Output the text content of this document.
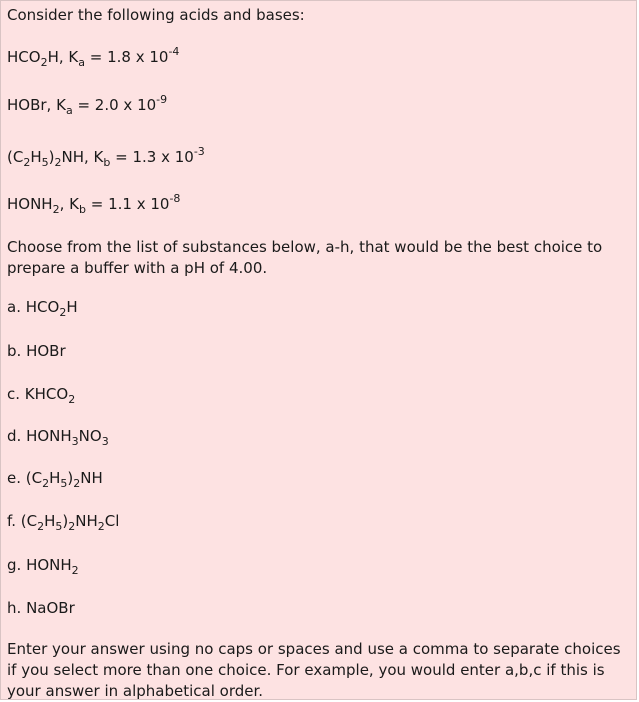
Consider the following acids and bases:
$HCO_2H$, $K_a = 1.8$ x $10^{-4}$
HOBr, $K_a = 2.0$ x $10^{-9}$
$(C_2H_5)_2NH$, $K_b = 1.3$ x $10^{-3}$
$HONH_2$, $K_b = 1.1$ x $10^{-8}$
Choose from the list of substances below, a-h, that would be the best choice to prepare a buffer with a pH of 4.00.
a. $HCO_2H$
b. HOBr
c. $KHCO_2$
d. $HONH_3NO_3$
e. $(C_2H_5)_2NH$
f. $(C_2H_5)_2NH_2Cl$
g. $HONH_2$
h. NaOBr
Enter your answer using no caps or spaces and use a comma to separate choices if you select more than one choice. For example, you would enter a,b,c if this is your answer in alphabetical order.
